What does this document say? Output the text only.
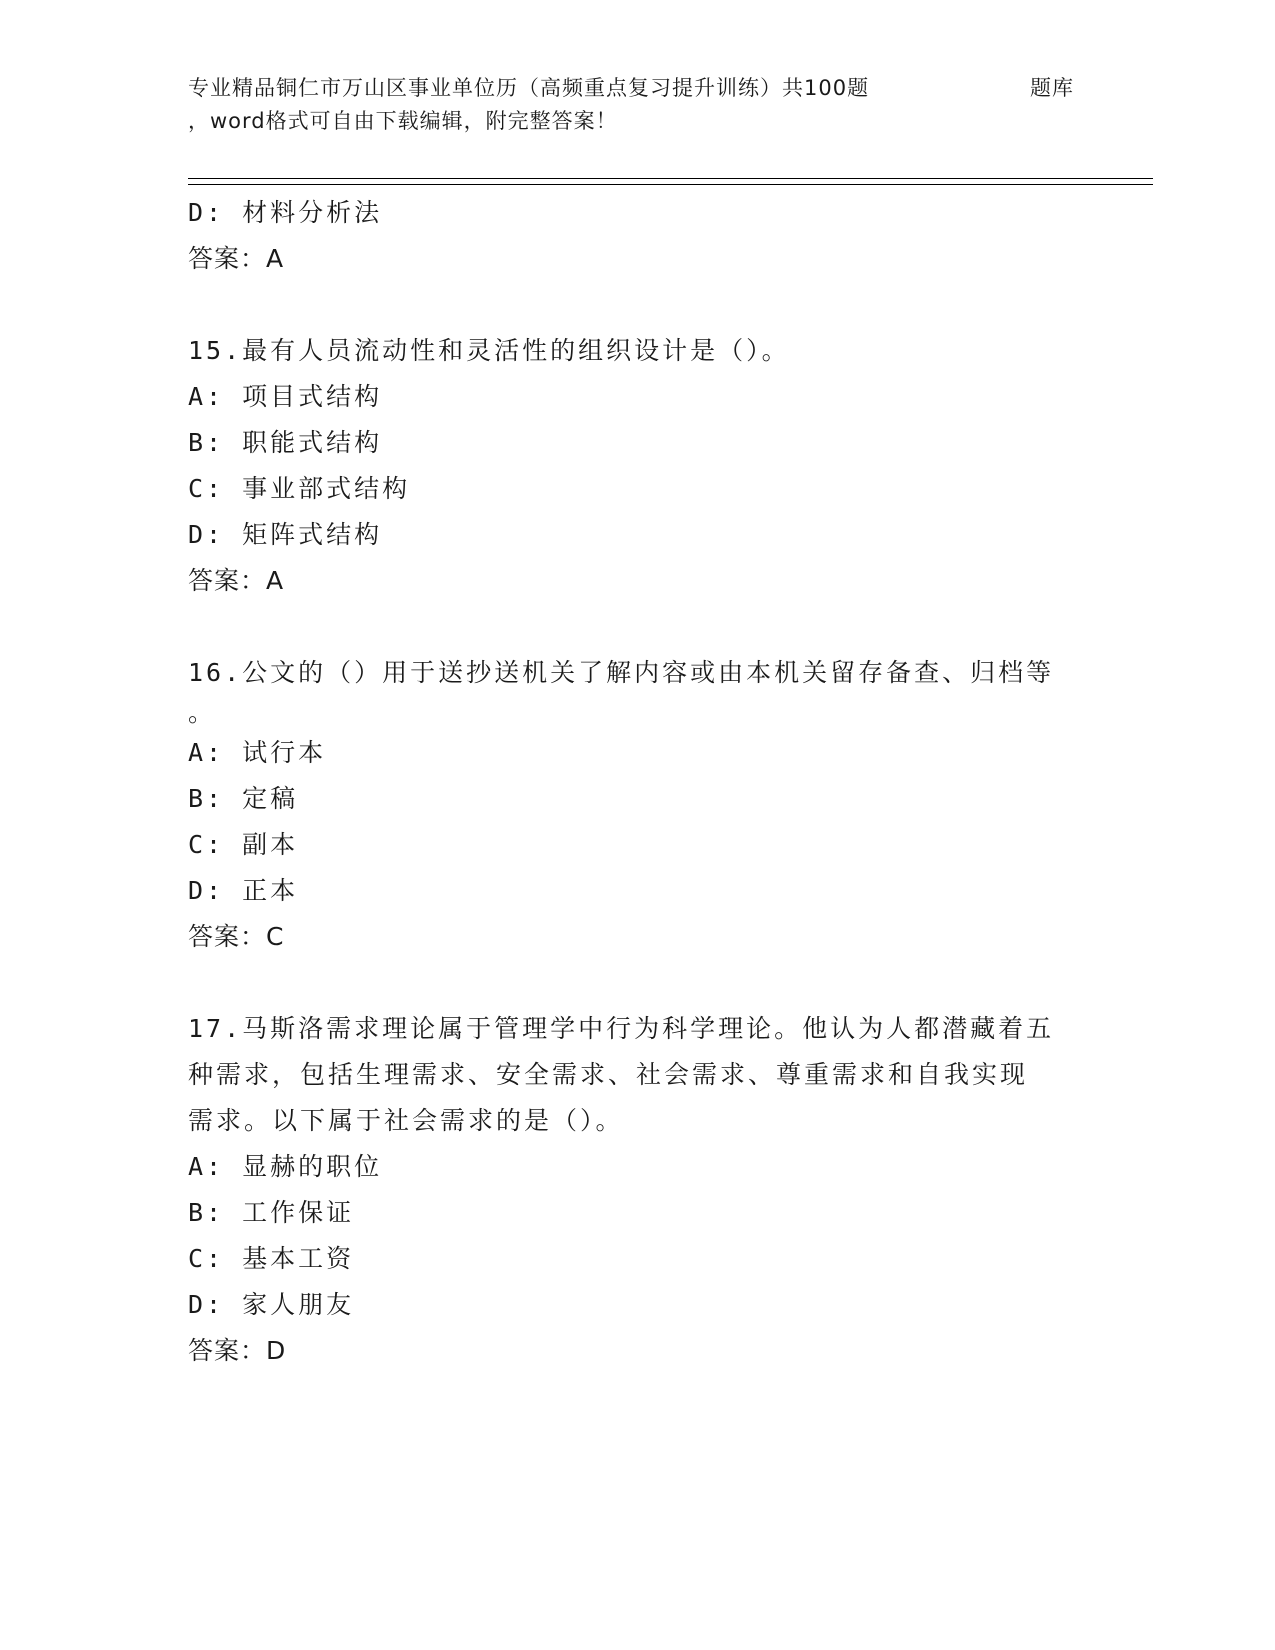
专业精品铜仁市万山区事业单位历（高频重点复习提升训练）共100题
，word格式可自由下载编辑，附完整答案！
题库
D: 材料分析法
答案：A
15.最有人员流动性和灵活性的组织设计是（）。
A: 项目式结构
B: 职能式结构
C: 事业部式结构
D: 矩阵式结构
答案：A
16.公文的（）用于送抄送机关了解内容或由本机关留存备查、归档等
。
A: 试行本
B: 定稿
C: 副本
D: 正本
答案：C
17.马斯洛需求理论属于管理学中行为科学理论。他认为人都潜藏着五
种需求，包括生理需求、安全需求、社会需求、尊重需求和自我实现
需求。以下属于社会需求的是（）。
A: 显赫的职位
B: 工作保证
C: 基本工资
D: 家人朋友
答案：D
